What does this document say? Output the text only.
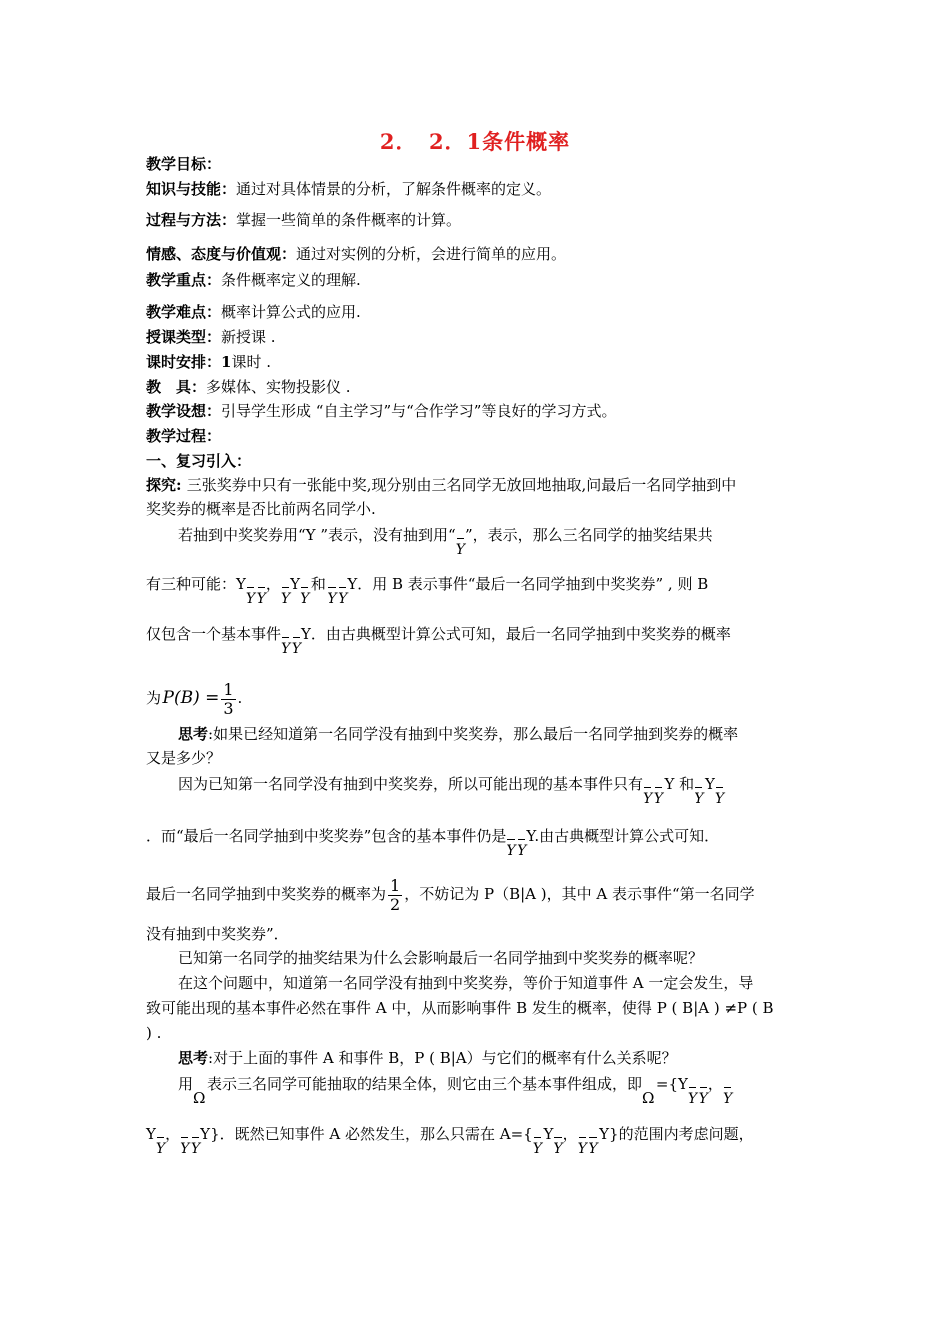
2．　2．1条件概率
教学目标：
知识与技能：通过对具体情景的分析，了解条件概率的定义。
过程与方法：掌握一些简单的条件概率的计算。
情感、态度与价值观：通过对实例的分析，会进行简单的应用。
教学重点：条件概率定义的理解.
教学难点：概率计算公式的应用.
授课类型：新授课 .
课时安排：1课时 .
教　具：多媒体、实物投影仪 .
教学设想：引导学生形成 “自主学习”与“合作学习”等良好的学习方式。
教学过程：
一、复习引入：
探究: 三张奖券中只有一张能中奖,现分别由三名同学无放回地抽取,问最后一名同学抽到中
奖奖券的概率是否比前两名同学小.
若抽到中奖奖券用“Y ”表示，没有抽到用“Y”，表示，那么三名同学的抽奖结果共
有三种可能：YY  Y，YYY 和 Y  YY．用 B 表示事件“最后一名同学抽到中奖奖券” , 则 B
仅包含一个基本事件Y  YY．由古典概型计算公式可知，最后一名同学抽到中奖奖券的概率
为 $P(B) = \frac{1}{3}$ .
思考:如果已经知道第一名同学没有抽到中奖奖券，那么最后一名同学抽到奖券的概率
又是多少？
因为已知第一名同学没有抽到中奖奖券，所以可能出现的基本事件只有Y  Y Y 和Y YY
．而“最后一名同学抽到中奖奖券”包含的基本事件仍是Y  YY.由古典概型计算公式可知．
最后一名同学抽到中奖奖券的概率为 $\frac{1}{2}$ ，不妨记为 P（B|A )，其中 A 表示事件“第一名同学
没有抽到中奖奖券”．
已知第一名同学的抽奖结果为什么会影响最后一名同学抽到中奖奖券的概率呢？
在这个问题中，知道第一名同学没有抽到中奖奖券，等价于知道事件 A 一定会发生，导
致可能出现的基本事件必然在事件 A 中，从而影响事件 B 发生的概率，使得 P ( B|A ) ≠P ( B
) .
思考:对于上面的事件 A 和事件 B，P ( B|A）与它们的概率有什么关系呢？
用Ω 表示三名同学可能抽取的结果全体，则它由三个基本事件组成，即Ω ={YY  Y，Y
YY，Y  YY}．既然已知事件 A 必然发生，那么只需在 A={Y YY，Y  Y Y}的范围内考虑问题，
